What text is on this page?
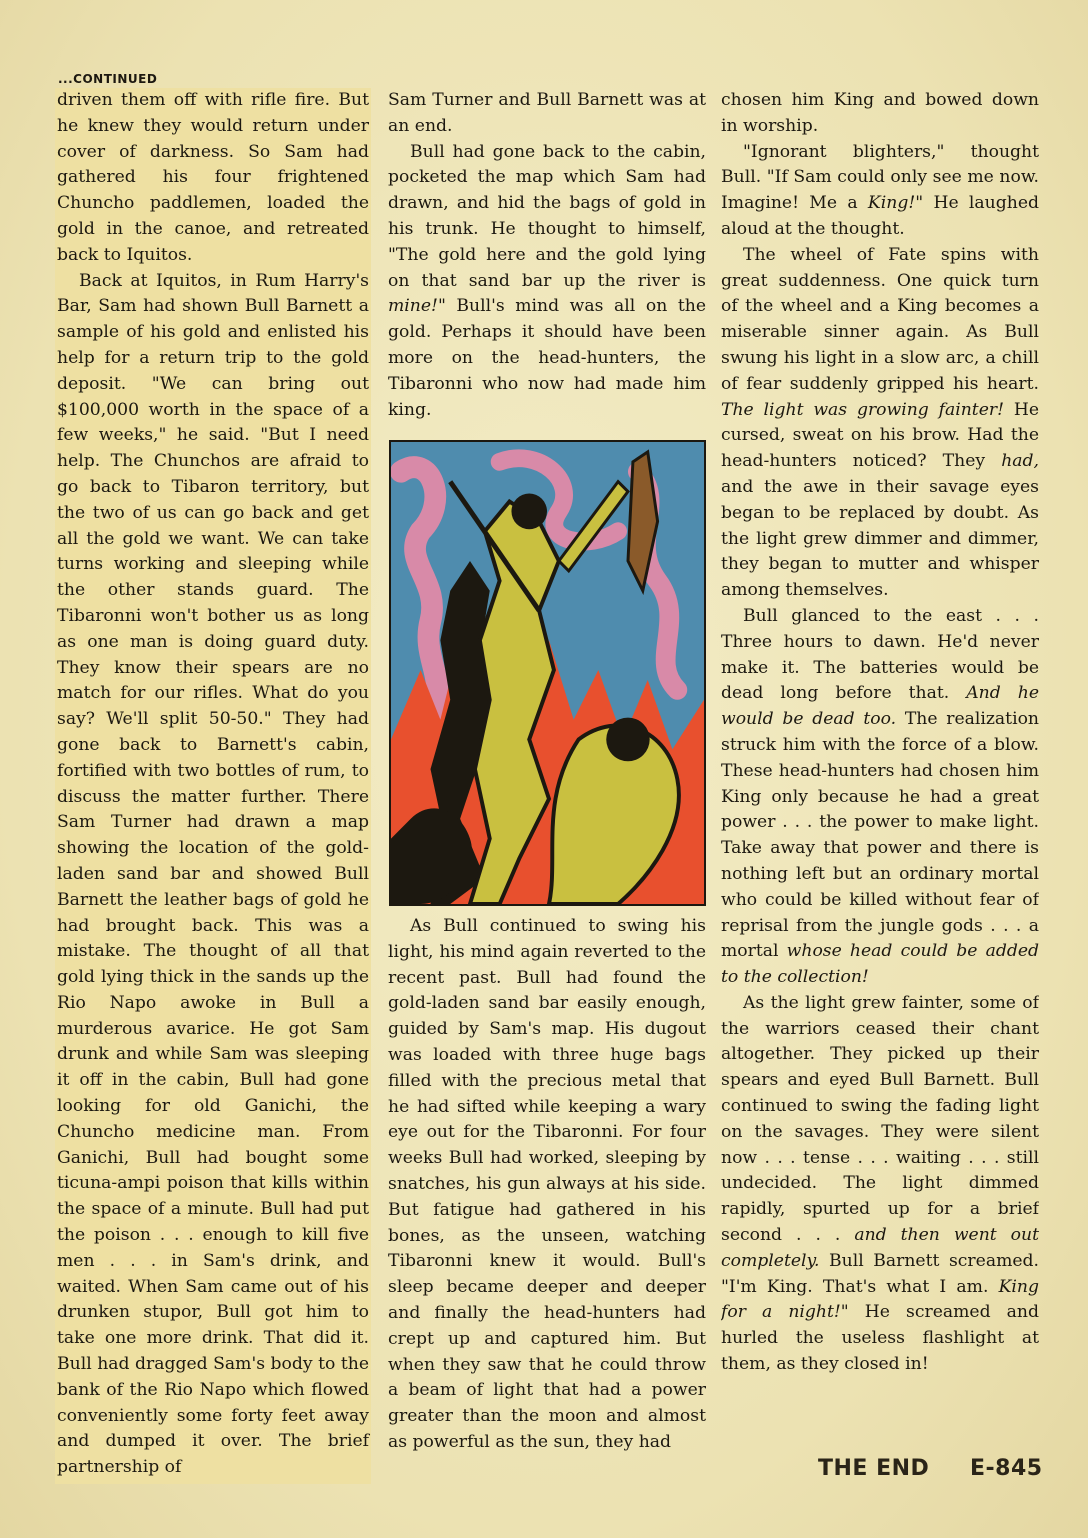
...CONTINUED

driven them off with rifle fire. But he knew they would return under cover of darkness. So Sam had gathered his four frightened Chuncho paddlemen, loaded the gold in the canoe, and retreated back to Iquitos.

Back at Iquitos, in Rum Harry's Bar, Sam had shown Bull Barnett a sample of his gold and enlisted his help for a return trip to the gold deposit. "We can bring out $100,000 worth in the space of a few weeks," he said. "But I need help. The Chunchos are afraid to go back to Tibaron territory, but the two of us can go back and get all the gold we want. We can take turns working and sleeping while the other stands guard. The Tibaronni won't bother us as long as one man is doing guard duty. They know their spears are no match for our rifles. What do you say? We'll split 50-50." They had gone back to Barnett's cabin, fortified with two bottles of rum, to discuss the matter further. There Sam Turner had drawn a map showing the location of the gold-laden sand bar and showed Bull Barnett the leather bags of gold he had brought back. This was a mistake. The thought of all that gold lying thick in the sands up the Rio Napo awoke in Bull a murderous avarice. He got Sam drunk and while Sam was sleeping it off in the cabin, Bull had gone looking for old Ganichi, the Chuncho medicine man. From Ganichi, Bull had bought some ticuna-ampi poison that kills within the space of a minute. Bull had put the poison . . . enough to kill five men . . . in Sam's drink, and waited. When Sam came out of his drunken stupor, Bull got him to take one more drink. That did it. Bull had dragged Sam's body to the bank of the Rio Napo which flowed conveniently some forty feet away and dumped it over. The brief partnership of

Sam Turner and Bull Barnett was at an end.

Bull had gone back to the cabin, pocketed the map which Sam had drawn, and hid the bags of gold in his trunk. He thought to himself, "The gold here and the gold lying on that sand bar up the river is mine!" Bull's mind was all on the gold. Perhaps it should have been more on the head-hunters, the Tibaronni who now had made him king.

As Bull continued to swing his light, his mind again reverted to the recent past. Bull had found the gold-laden sand bar easily enough, guided by Sam's map. His dugout was loaded with three huge bags filled with the precious metal that he had sifted while keeping a wary eye out for the Tibaronni. For four weeks Bull had worked, sleeping by snatches, his gun always at his side. But fatigue had gathered in his bones, as the unseen, watching Tibaronni knew it would. Bull's sleep became deeper and deeper and finally the head-hunters had crept up and captured him. But when they saw that he could throw a beam of light that had a power greater than the moon and almost as powerful as the sun, they had

chosen him King and bowed down in worship.

"Ignorant blighters," thought Bull. "If Sam could only see me now. Imagine! Me a King!" He laughed aloud at the thought.

The wheel of Fate spins with great suddenness. One quick turn of the wheel and a King becomes a miserable sinner again. As Bull swung his light in a slow arc, a chill of fear suddenly gripped his heart. The light was growing fainter! He cursed, sweat on his brow. Had the head-hunters noticed? They had, and the awe in their savage eyes began to be replaced by doubt. As the light grew dimmer and dimmer, they began to mutter and whisper among themselves.

Bull glanced to the east . . . Three hours to dawn. He'd never make it. The batteries would be dead long before that. And he would be dead too. The realization struck him with the force of a blow. These head-hunters had chosen him King only because he had a great power . . . the power to make light. Take away that power and there is nothing left but an ordinary mortal who could be killed without fear of reprisal from the jungle gods . . . a mortal whose head could be added to the collection!

As the light grew fainter, some of the warriors ceased their chant altogether. They picked up their spears and eyed Bull Barnett. Bull continued to swing the fading light on the savages. They were silent now . . . tense . . . waiting . . . still undecided. The light dimmed rapidly, spurted up for a brief second . . . and then went out completely. Bull Barnett screamed. "I'm King. That's what I am. King for a night!" He screamed and hurled the useless flashlight at them, as they closed in!

THE END E-845
